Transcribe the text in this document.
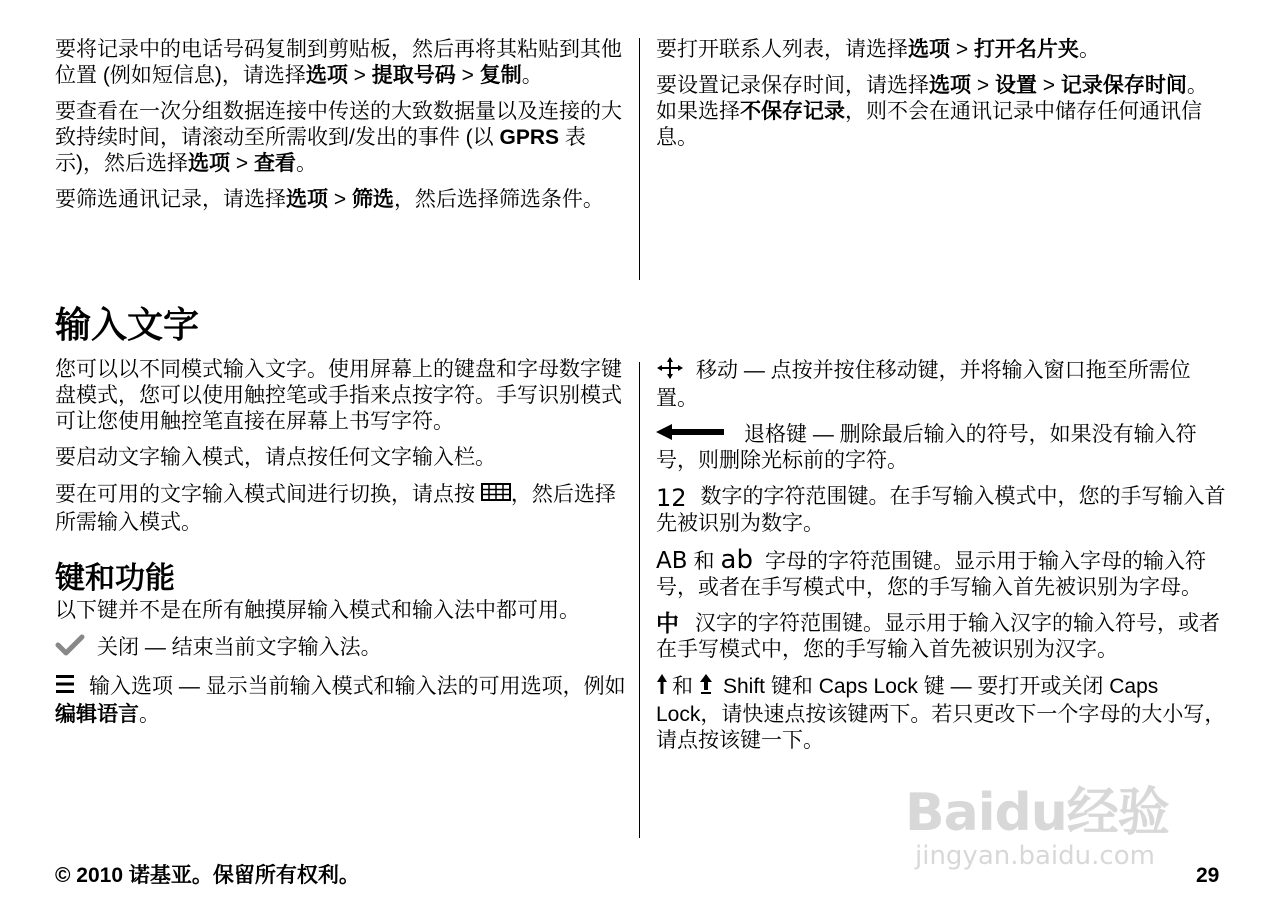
要将记录中的电话号码复制到剪贴板，然后再将其粘贴到其他位置 (例如短信息)，请选择选项 > 提取号码 > 复制。

要查看在一次分组数据连接中传送的大致数据量以及连接的大致持续时间，请滚动至所需收到/发出的事件 (以 GPRS 表示)，然后选择选项 > 查看。

要筛选通讯记录，请选择选项 > 筛选，然后选择筛选条件。

要打开联系人列表，请选择选项 > 打开名片夹。

要设置记录保存时间，请选择选项 > 设置 > 记录保存时间。如果选择不保存记录，则不会在通讯记录中储存任何通讯信息。

输入文字

您可以以不同模式输入文字。使用屏幕上的键盘和字母数字键盘模式，您可以使用触控笔或手指来点按字符。手写识别模式可让您使用触控笔直接在屏幕上书写字符。

要启动文字输入模式，请点按任何文字输入栏。

要在可用的文字输入模式间进行切换，请点按 ，然后选择所需输入模式。

键和功能

以下键并不是在所有触摸屏输入模式和输入法中都可用。

关闭 — 结束当前文字输入法。

输入选项 — 显示当前输入模式和输入法的可用选项，例如编辑语言。

移动 — 点按并按住移动键，并将输入窗口拖至所需位置。

退格键 — 删除最后输入的符号，如果没有输入符号，则删除光标前的字符。

12 数字的字符范围键。在手写输入模式中，您的手写输入首先被识别为数字。

AB 和 ab 字母的字符范围键。显示用于输入字母的输入符号，或者在手写模式中，您的手写输入首先被识别为字母。

中 汉字的字符范围键。显示用于输入汉字的输入符号，或者在手写模式中，您的手写输入首先被识别为汉字。

和 Shift 键和 Caps Lock 键 — 要打开或关闭 Caps Lock，请快速点按该键两下。若只更改下一个字母的大小写，请点按该键一下。

Baidu经验
jingyan.baidu.com
© 2010 诺基亚。保留所有权利。	29
